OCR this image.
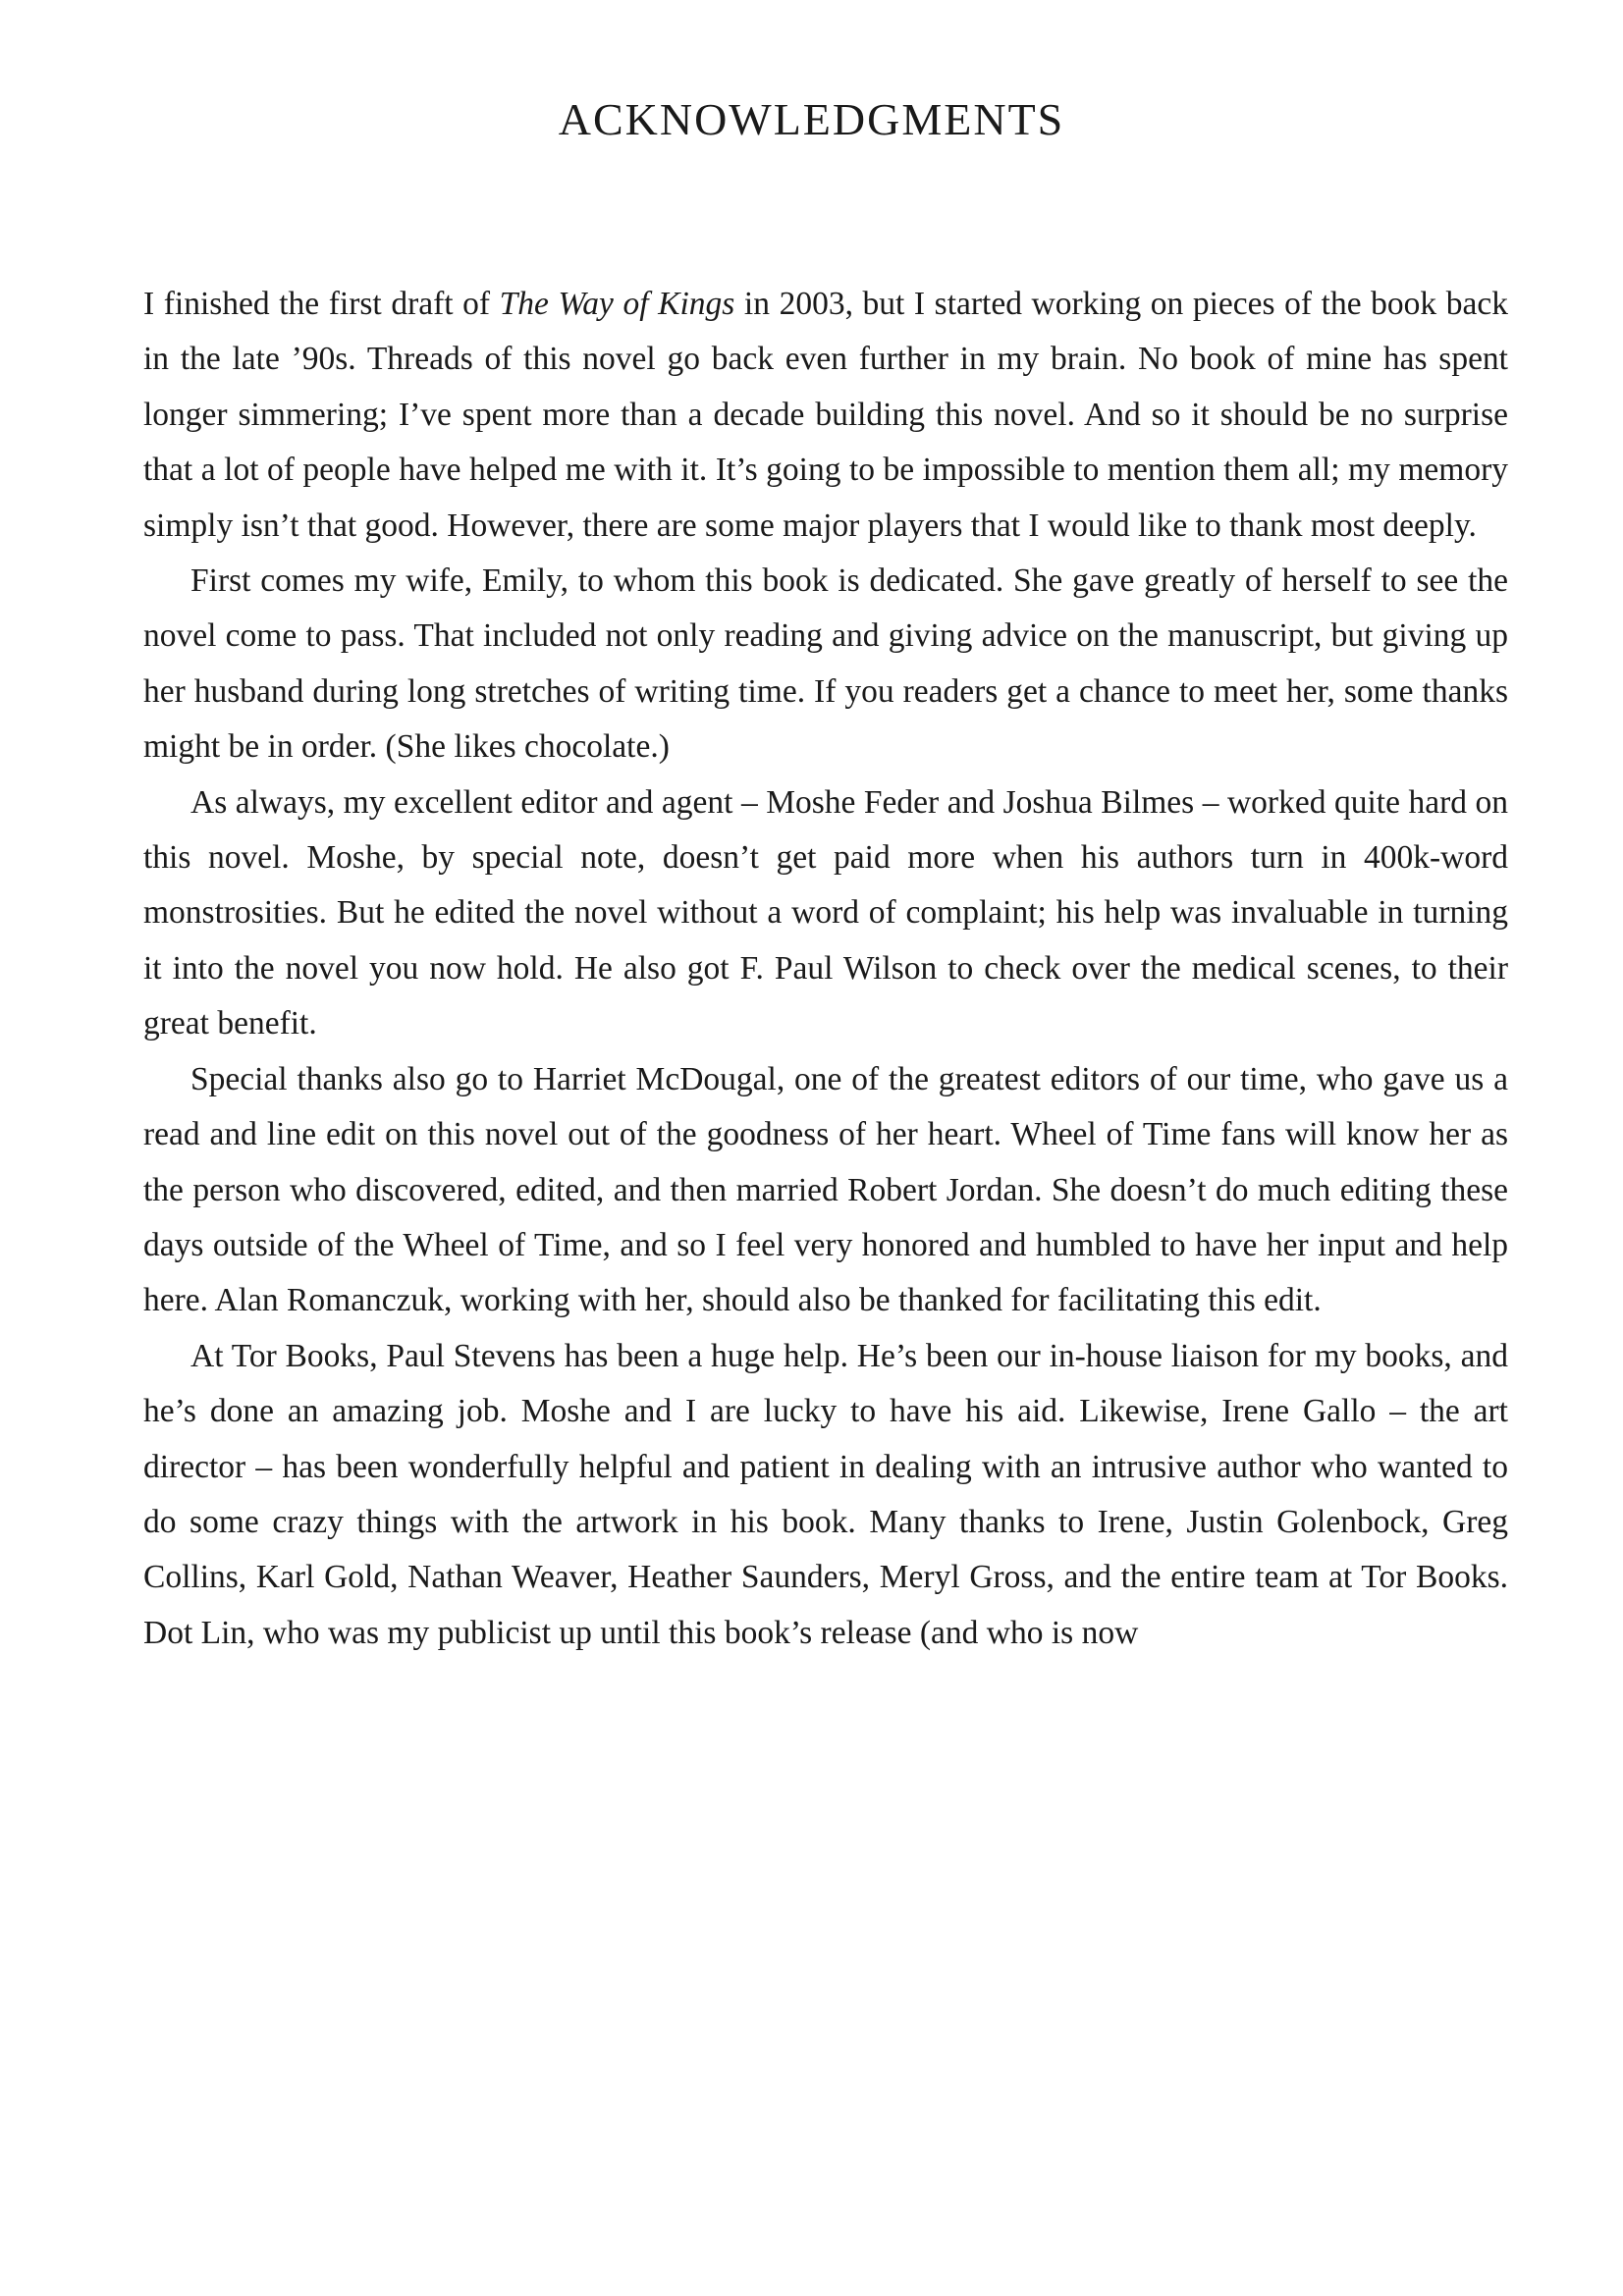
ACKNOWLEDGMENTS

I finished the first draft of The Way of Kings in 2003, but I started working on pieces of the book back in the late ’90s. Threads of this novel go back even further in my brain. No book of mine has spent longer simmering; I’ve spent more than a decade building this novel. And so it should be no surprise that a lot of people have helped me with it. It’s going to be impossible to mention them all; my memory simply isn’t that good. However, there are some major players that I would like to thank most deeply.

First comes my wife, Emily, to whom this book is dedicated. She gave greatly of herself to see the novel come to pass. That included not only reading and giving advice on the manuscript, but giving up her husband during long stretches of writing time. If you readers get a chance to meet her, some thanks might be in order. (She likes chocolate.)

As always, my excellent editor and agent – Moshe Feder and Joshua Bilmes – worked quite hard on this novel. Moshe, by special note, doesn’t get paid more when his authors turn in 400k-word monstrosities. But he edited the novel without a word of complaint; his help was invaluable in turning it into the novel you now hold. He also got F. Paul Wilson to check over the medical scenes, to their great benefit.

Special thanks also go to Harriet McDougal, one of the greatest editors of our time, who gave us a read and line edit on this novel out of the goodness of her heart. Wheel of Time fans will know her as the person who discovered, edited, and then married Robert Jordan. She doesn’t do much editing these days outside of the Wheel of Time, and so I feel very honored and humbled to have her input and help here. Alan Romanczuk, working with her, should also be thanked for facilitating this edit.

At Tor Books, Paul Stevens has been a huge help. He’s been our in-house liaison for my books, and he’s done an amazing job. Moshe and I are lucky to have his aid. Likewise, Irene Gallo – the art director – has been wonderfully helpful and patient in dealing with an intrusive author who wanted to do some crazy things with the artwork in his book. Many thanks to Irene, Justin Golenbock, Greg Collins, Karl Gold, Nathan Weaver, Heather Saunders, Meryl Gross, and the entire team at Tor Books. Dot Lin, who was my publicist up until this book’s release (and who is now
